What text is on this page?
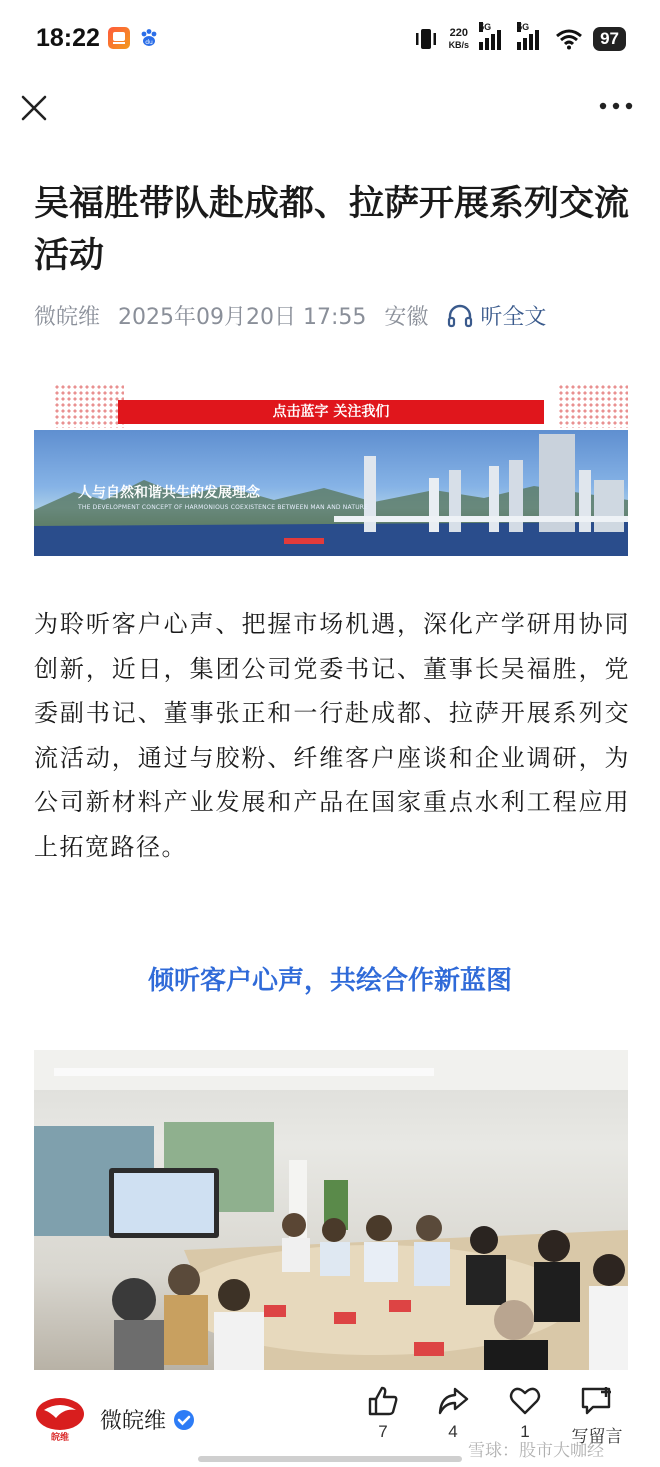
18:22	du
220
KB/s
5G	5G
97
吴福胜带队赴成都、拉萨开展系列交流活动
微皖维 2025年09月20日 17:55 安徽 听全文
点击蓝字 关注我们
人与自然和谐共生的发展理念
THE DEVELOPMENT CONCEPT OF HARMONIOUS COEXISTENCE BETWEEN MAN AND NATURE
为聆听客户心声、把握市场机遇，深化产学研用协同创新，近日，集团公司党委书记、董事长吴福胜，党委副书记、董事张正和一行赴成都、拉萨开展系列交流活动，通过与胶粉、纤维客户座谈和企业调研，为公司新材料产业发展和产品在国家重点水利工程应用上拓宽路径。
倾听客户心声，共绘合作新蓝图
皖维
微皖维	7	4	1	写留言
雪球：股市大咖经
